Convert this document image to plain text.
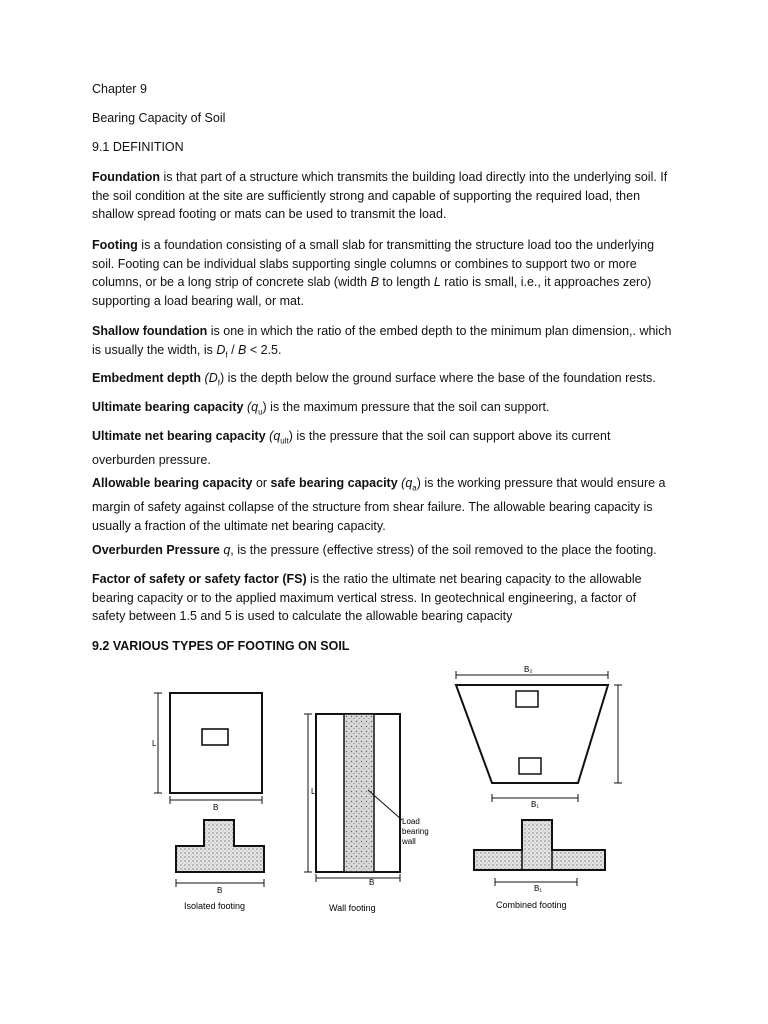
Chapter 9
Bearing Capacity of Soil
9.1 DEFINITION
Foundation is that part of a structure which transmits the building load directly into the underlying soil. If the soil condition at the site are sufficiently strong and capable of supporting the required load, then shallow spread footing or mats can be used to transmit the load.
Footing is a foundation consisting of a small slab for transmitting the structure load too the underlying soil. Footing can be individual slabs supporting single columns or combines to support two or more columns, or be a long strip of concrete slab (width B to length L ratio is small, i.e., it approaches zero) supporting a load bearing wall, or mat.
Shallow foundation is one in which the ratio of the embed depth to the minimum plan dimension,. which is usually the width, is $D_f / B < 2.5$.
Embedment depth $(D_f)$ is the depth below the ground surface where the base of the foundation rests.
Ultimate bearing capacity $(q_u)$ is the maximum pressure that the soil can support.
Ultimate net bearing capacity $(q_{ult})$ is the pressure that the soil can support above its current overburden pressure.
Allowable bearing capacity or safe bearing capacity $(q_a)$ is the working pressure that would ensure a margin of safety against collapse of the structure from shear failure. The allowable bearing capacity is usually a fraction of the ultimate net bearing capacity.
Overburden Pressure q, is the pressure (effective stress) of the soil removed to the place the footing.
Factor of safety or safety factor (FS) is the ratio the ultimate net bearing capacity to the allowable bearing capacity or to the applied maximum vertical stress. In geotechnical engineering, a factor of safety between 1.5 and 5 is used to calculate the allowable bearing capacity
9.2 VARIOUS TYPES OF FOOTING ON SOIL
L
B
B
Isolated footing
L
B
Load
bearing
wall
Wall footing
B₂
B₁
B₁
Combined footing
